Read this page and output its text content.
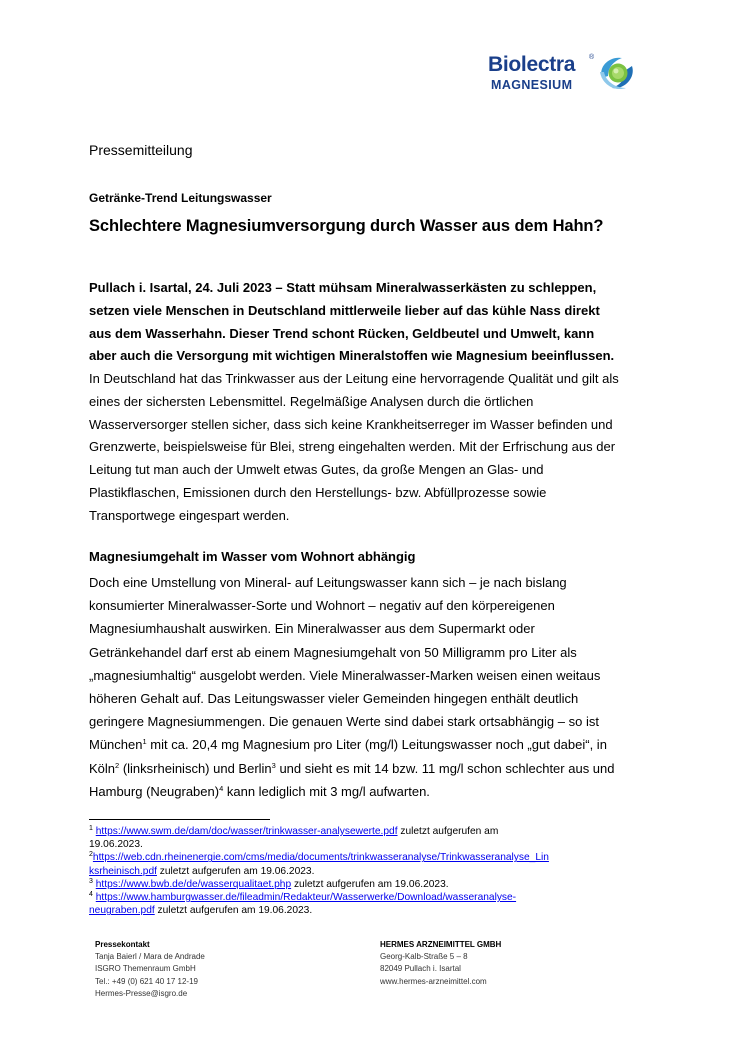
Biolectra ®
MAGNESIUM
Pressemitteilung
Getränke-Trend Leitungswasser
Schlechtere Magnesiumversorgung durch Wasser aus dem Hahn?
Pullach i. Isartal, 24. Juli 2023 – Statt mühsam Mineralwasserkästen zu schleppen,
setzen viele Menschen in Deutschland mittlerweile lieber auf das kühle Nass direkt
aus dem Wasserhahn. Dieser Trend schont Rücken, Geldbeutel und Umwelt, kann
aber auch die Versorgung mit wichtigen Mineralstoffen wie Magnesium beeinflussen.
In Deutschland hat das Trinkwasser aus der Leitung eine hervorragende Qualität und gilt als
eines der sichersten Lebensmittel. Regelmäßige Analysen durch die örtlichen
Wasserversorger stellen sicher, dass sich keine Krankheitserreger im Wasser befinden und
Grenzwerte, beispielsweise für Blei, streng eingehalten werden. Mit der Erfrischung aus der
Leitung tut man auch der Umwelt etwas Gutes, da große Mengen an Glas- und
Plastikflaschen, Emissionen durch den Herstellungs- bzw. Abfüllprozesse sowie
Transportwege eingespart werden.
Magnesiumgehalt im Wasser vom Wohnort abhängig
Doch eine Umstellung von Mineral- auf Leitungswasser kann sich – je nach bislang
konsumierter Mineralwasser-Sorte und Wohnort – negativ auf den körpereigenen
Magnesiumhaushalt auswirken. Ein Mineralwasser aus dem Supermarkt oder
Getränkehandel darf erst ab einem Magnesiumgehalt von 50 Milligramm pro Liter als
„magnesiumhaltig“ ausgelobt werden. Viele Mineralwasser-Marken weisen einen weitaus
höheren Gehalt auf. Das Leitungswasser vieler Gemeinden hingegen enthält deutlich
geringere Magnesiummengen. Die genauen Werte sind dabei stark ortsabhängig – so ist
München$^1$ mit ca. 20,4 mg Magnesium pro Liter (mg/l) Leitungswasser noch „gut dabei“, in
Köln$^2$ (linksrheinisch) und Berlin$^3$ und sieht es mit 14 bzw. 11 mg/l schon schlechter aus und
Hamburg (Neugraben)$^4$ kann lediglich mit 3 mg/l aufwarten.
$^1$ https://www.swm.de/dam/doc/wasser/trinkwasser-analysewerte.pdf zuletzt aufgerufen am
19.06.2023.
$^2$https://web.cdn.rheinenergie.com/cms/media/documents/trinkwasseranalyse/Trinkwasseranalyse_Lin
ksrheinisch.pdf zuletzt aufgerufen am 19.06.2023.
$^3$ https://www.bwb.de/de/wasserqualitaet.php zuletzt aufgerufen am 19.06.2023.
$^4$ https://www.hamburgwasser.de/fileadmin/Redakteur/Wasserwerke/Download/wasseranalyse-
neugraben.pdf zuletzt aufgerufen am 19.06.2023.
Pressekontakt
Tanja Baierl / Mara de Andrade
ISGRO Themenraum GmbH
Tel.: +49 (0) 621 40 17 12-19
Hermes-Presse@isgro.de
HERMES ARZNEIMITTEL GMBH
Georg-Kalb-Straße 5 – 8
82049 Pullach i. Isartal
www.hermes-arzneimittel.com
